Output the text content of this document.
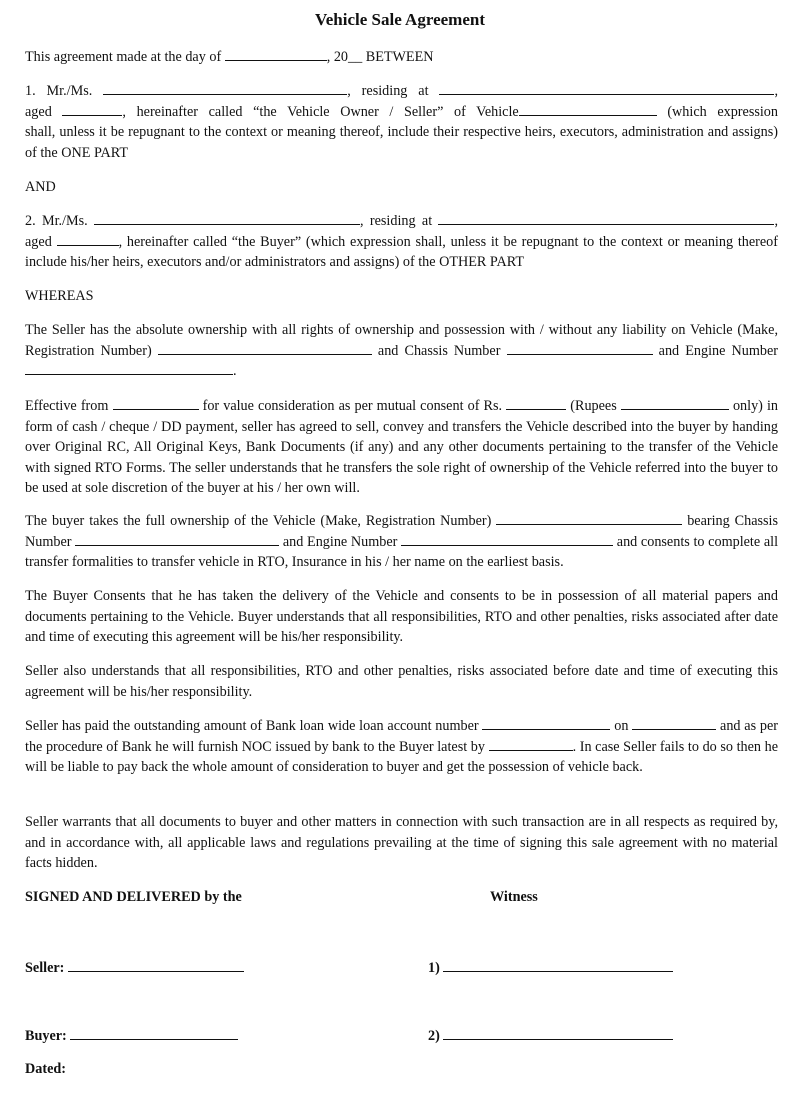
Vehicle Sale Agreement
This agreement made at the day of	, 20__ BETWEEN
1. Mr./Ms.	, residing at	,
aged	, hereinafter called “the Vehicle Owner / Seller” of Vehicle	(which expression
shall, unless it be repugnant to the context or meaning thereof, include their respective heirs, executors, administration and assigns) of the ONE PART
AND
2. Mr./Ms.	, residing at	,
aged	, hereinafter called “the Buyer” (which expression shall, unless it be repugnant to the context or meaning thereof include his/her heirs, executors and/or administrators and assigns) of the OTHER PART
WHEREAS
The Seller has the absolute ownership with all rights of ownership and possession with / without any liability on Vehicle (Make, Registration Number)	and Chassis Number	and Engine Number .
Effective from	for value consideration as per mutual consent of Rs.	(Rupees	only) in form of cash / cheque / DD payment, seller has agreed to sell, convey and transfers the Vehicle described into the buyer by handing over Original RC, All Original Keys, Bank Documents (if any) and any other documents pertaining to the transfer of the Vehicle with signed RTO Forms. The seller understands that he transfers the sole right of ownership of the Vehicle referred into the buyer to be used at sole discretion of the buyer at his / her own will.
The buyer takes the full ownership of the Vehicle (Make, Registration Number)	bearing Chassis Number	and Engine Number	and consents to complete all transfer formalities to transfer vehicle in RTO, Insurance in his / her name on the earliest basis.
The Buyer Consents that he has taken the delivery of the Vehicle and consents to be in possession of all material papers and documents pertaining to the Vehicle. Buyer understands that all responsibilities, RTO and other penalties, risks associated after date and time of executing this agreement will be his/her responsibility.
Seller also understands that all responsibilities, RTO and other penalties, risks associated before date and time of executing this agreement will be his/her responsibility.
Seller has paid the outstanding amount of Bank loan wide loan account number	on	and as per the procedure of Bank he will furnish NOC issued by bank to the Buyer latest by	. In case Seller fails to do so then he will be liable to pay back the whole amount of consideration to buyer and get the possession of vehicle back.
Seller warrants that all documents to buyer and other matters in connection with such transaction are in all respects as required by, and in accordance with, all applicable laws and regulations prevailing at the time of signing this sale agreement with no material facts hidden.
SIGNED AND DELIVERED by the	Witness
Seller:	1)
Buyer:	2)
Dated:
